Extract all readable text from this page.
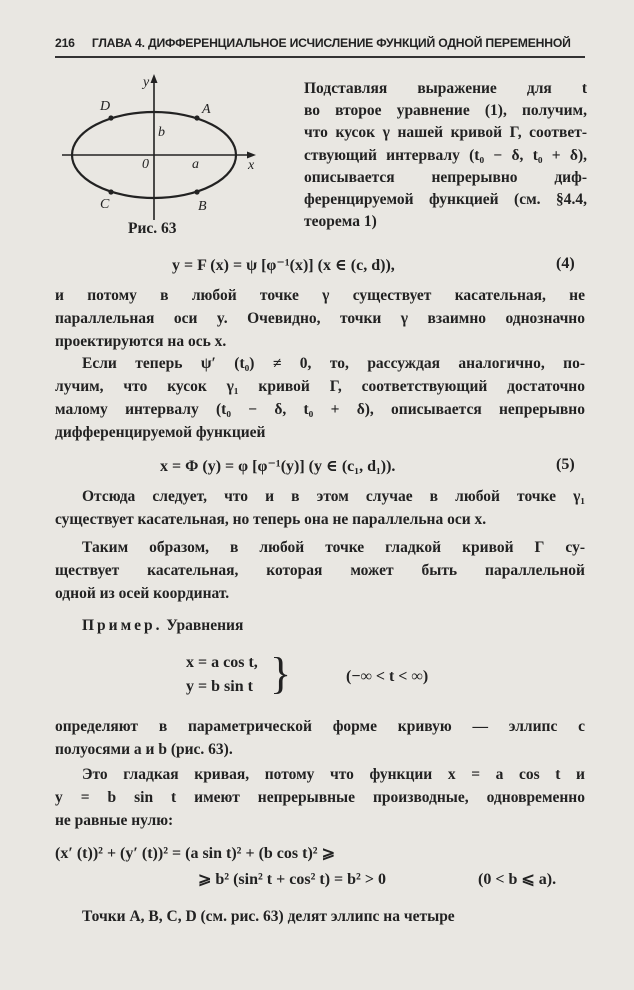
216 ГЛАВА 4. ДИФФЕРЕНЦИАЛЬНОЕ ИСЧИСЛЕНИЕ ФУНКЦИЙ ОДНОЙ ПЕРЕМЕННОЙ
y
x
0	a
b
A
B
C
D
Рис. 63
Подставляя выражение для t
во второе уравнение (1), получим,
что кусок γ нашей кривой Г, соответ-
ствующий интервалу (t₀ − δ, t₀ + δ),
описывается непрерывно диф-
ференцируемой функцией (см. §4.4,
теорема 1)
y = F (x) = ψ [φ⁻¹(x)] (x ∈ (c, d)),	(4)
и потому в любой точке γ существует касательная, не
параллельная оси y. Очевидно, точки γ взаимно однозначно
проектируются на ось x.
Если теперь ψ′ (t₀) ≠ 0, то, рассуждая аналогично, по-
лучим, что кусок γ₁ кривой Г, соответствующий достаточно
малому интервалу (t₀ − δ, t₀ + δ), описывается непрерывно
дифференцируемой функцией
x = Φ (y) = φ [φ⁻¹(y)] (y ∈ (c₁, d₁)).	(5)
Отсюда следует, что и в этом случае в любой точке γ₁
существует касательная, но теперь она не параллельна оси x.
Таким образом, в любой точке гладкой кривой Г су-
ществует касательная, которая может быть параллельной
одной из осей координат.
Пример. Уравнения
x = a cos t,
y = b sin t }	(−∞ < t < ∞)
определяют в параметрической форме кривую — эллипс с
полуосями a и b (рис. 63).
Это гладкая кривая, потому что функции x = a cos t и
y = b sin t имеют непрерывные производные, одновременно
не равные нулю:
(x′ (t))² + (y′ (t))² = (a sin t)² + (b cos t)² ⩾
⩾ b² (sin² t + cos² t) = b² > 0	(0 < b ⩽ a).
Точки A, B, C, D (см. рис. 63) делят эллипс на четыре
